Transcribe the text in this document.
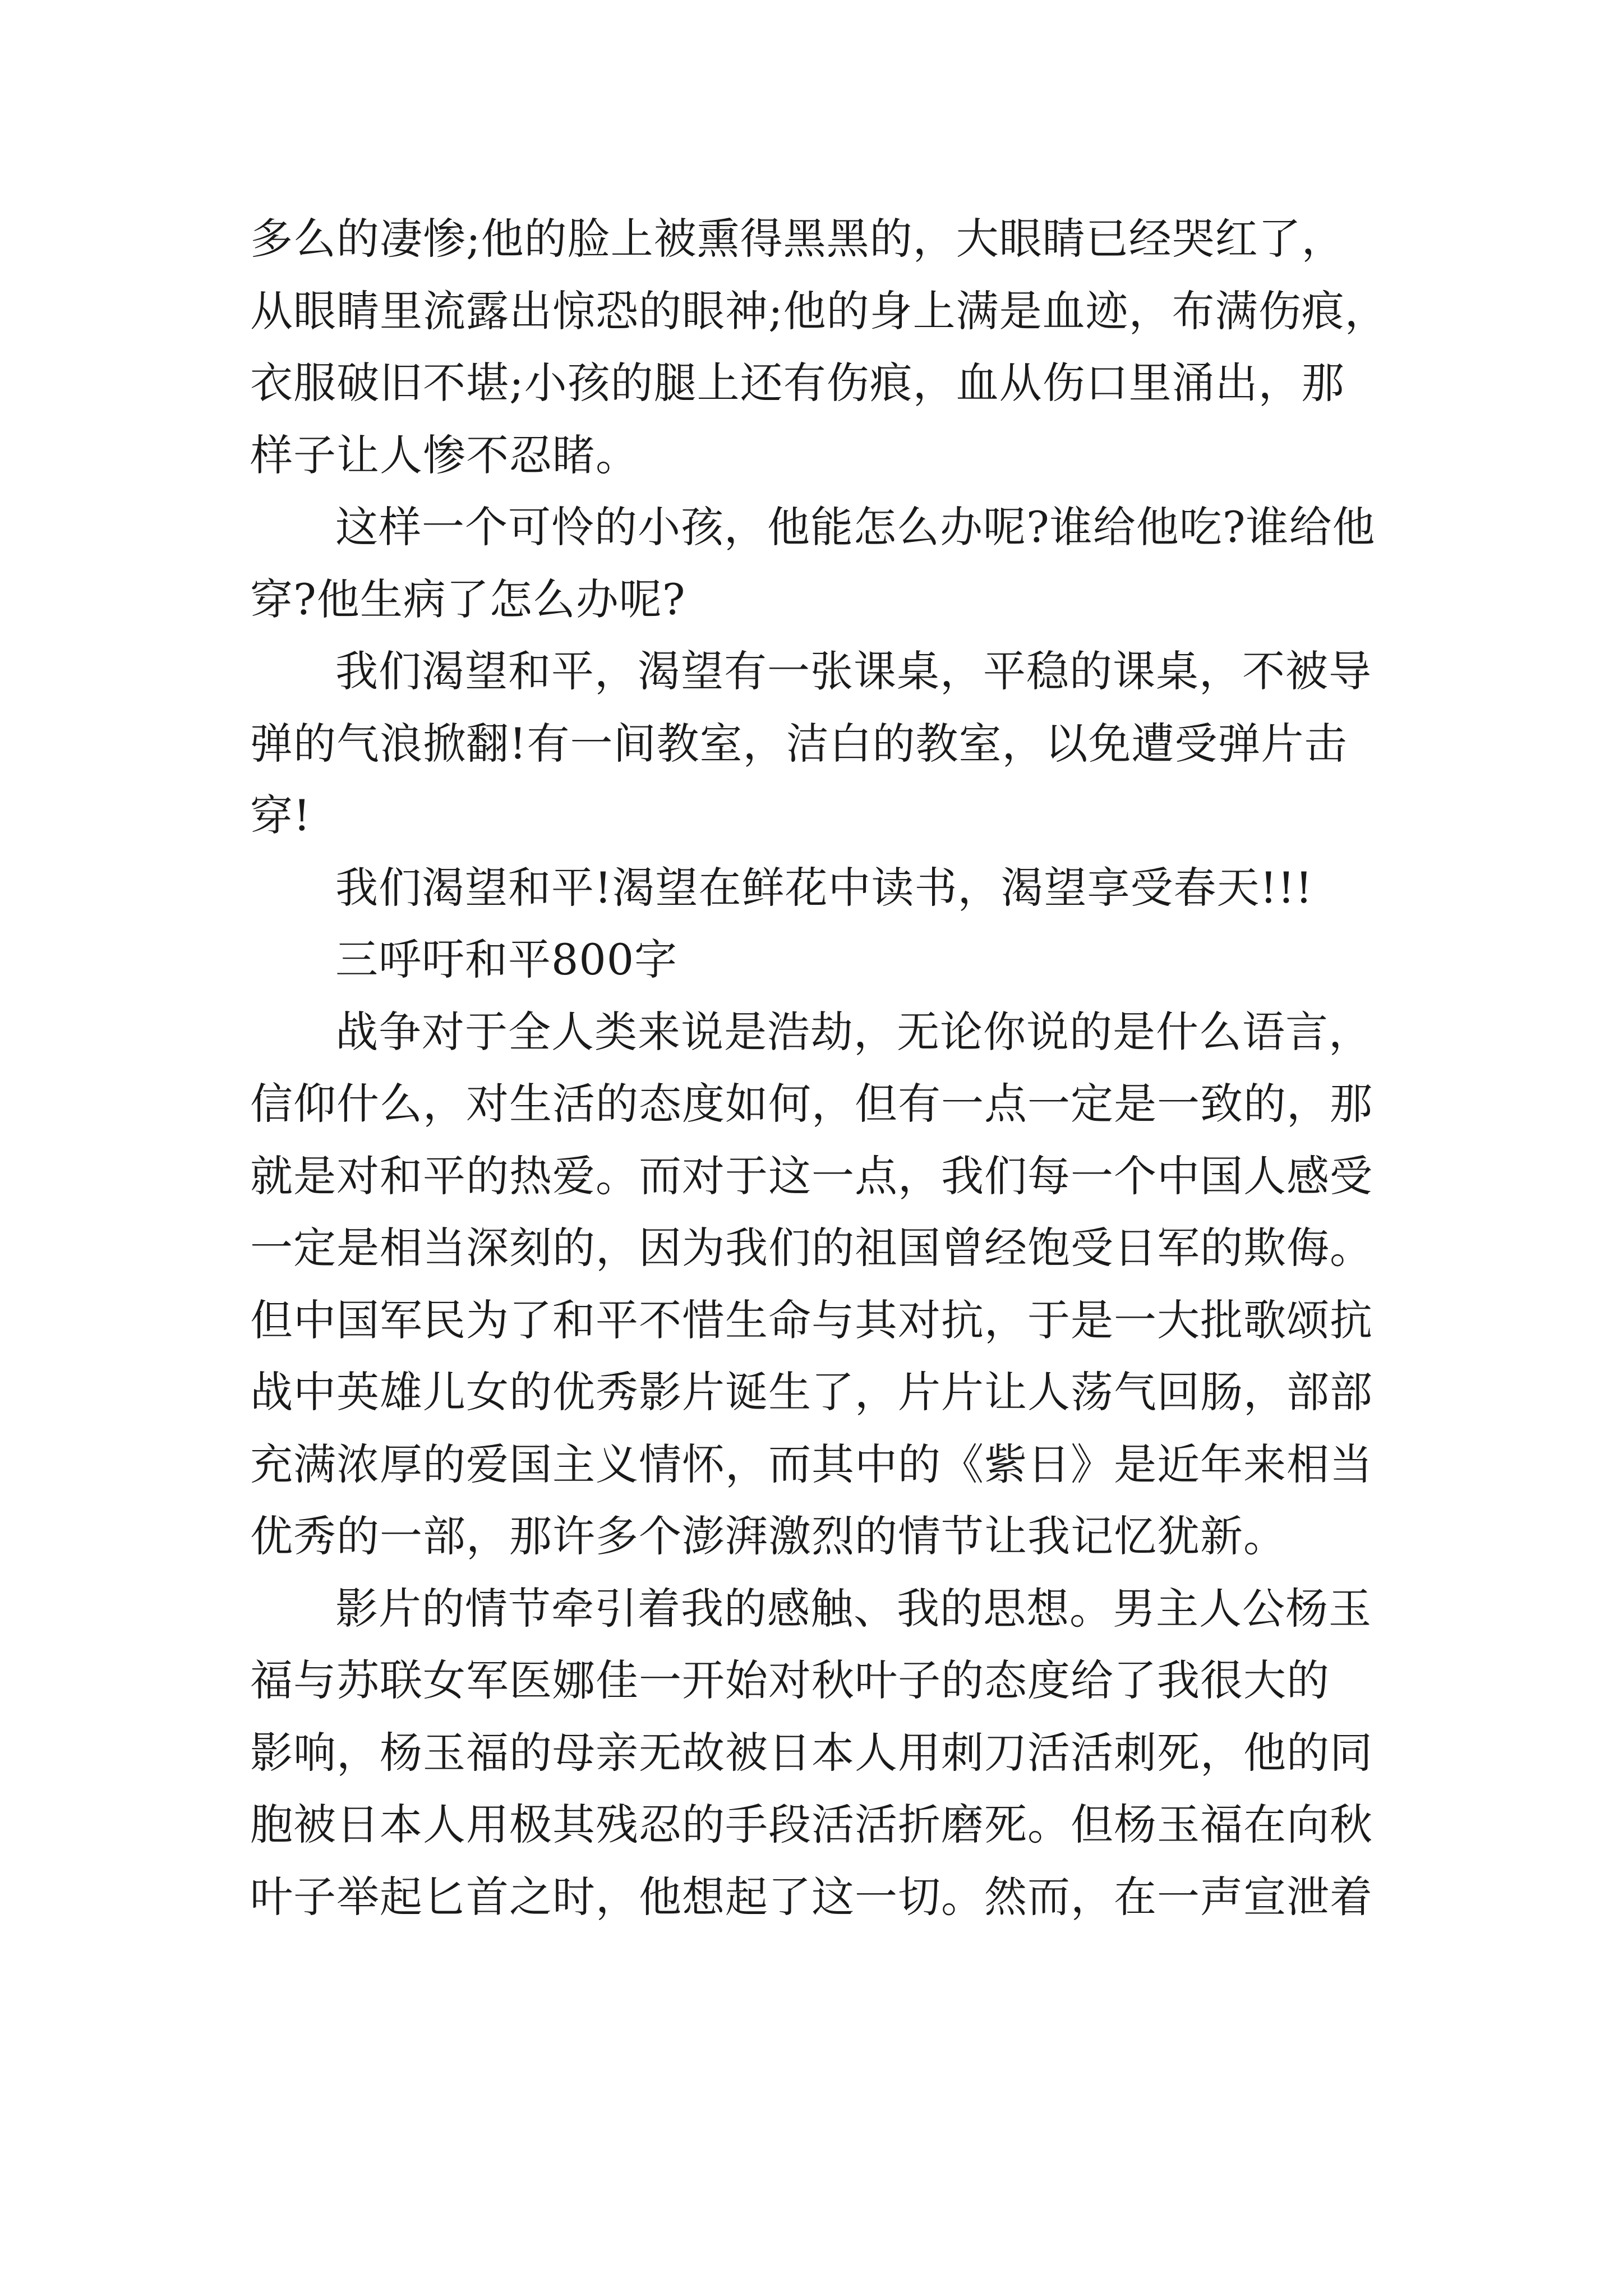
多么的凄惨;他的脸上被熏得黑黑的，大眼睛已经哭红了，
从眼睛里流露出惊恐的眼神;他的身上满是血迹，布满伤痕，
衣服破旧不堪;小孩的腿上还有伤痕，血从伤口里涌出，那
样子让人惨不忍睹。

这样一个可怜的小孩，他能怎么办呢?谁给他吃?谁给他
穿?他生病了怎么办呢?

我们渴望和平，渴望有一张课桌，平稳的课桌，不被导
弹的气浪掀翻!有一间教室，洁白的教室，以免遭受弹片击
穿!

我们渴望和平!渴望在鲜花中读书，渴望享受春天!!!

三呼吁和平800字

战争对于全人类来说是浩劫，无论你说的是什么语言，
信仰什么，对生活的态度如何，但有一点一定是一致的，那
就是对和平的热爱。而对于这一点，我们每一个中国人感受
一定是相当深刻的，因为我们的祖国曾经饱受日军的欺侮。
但中国军民为了和平不惜生命与其对抗，于是一大批歌颂抗
战中英雄儿女的优秀影片诞生了，片片让人荡气回肠，部部
充满浓厚的爱国主义情怀，而其中的《紫日》是近年来相当
优秀的一部，那许多个澎湃激烈的情节让我记忆犹新。

影片的情节牵引着我的感触、我的思想。男主人公杨玉
福与苏联女军医娜佳一开始对秋叶子的态度给了我很大的
影响，杨玉福的母亲无故被日本人用刺刀活活刺死，他的同
胞被日本人用极其残忍的手段活活折磨死。但杨玉福在向秋
叶子举起匕首之时，他想起了这一切。然而，在一声宣泄着
